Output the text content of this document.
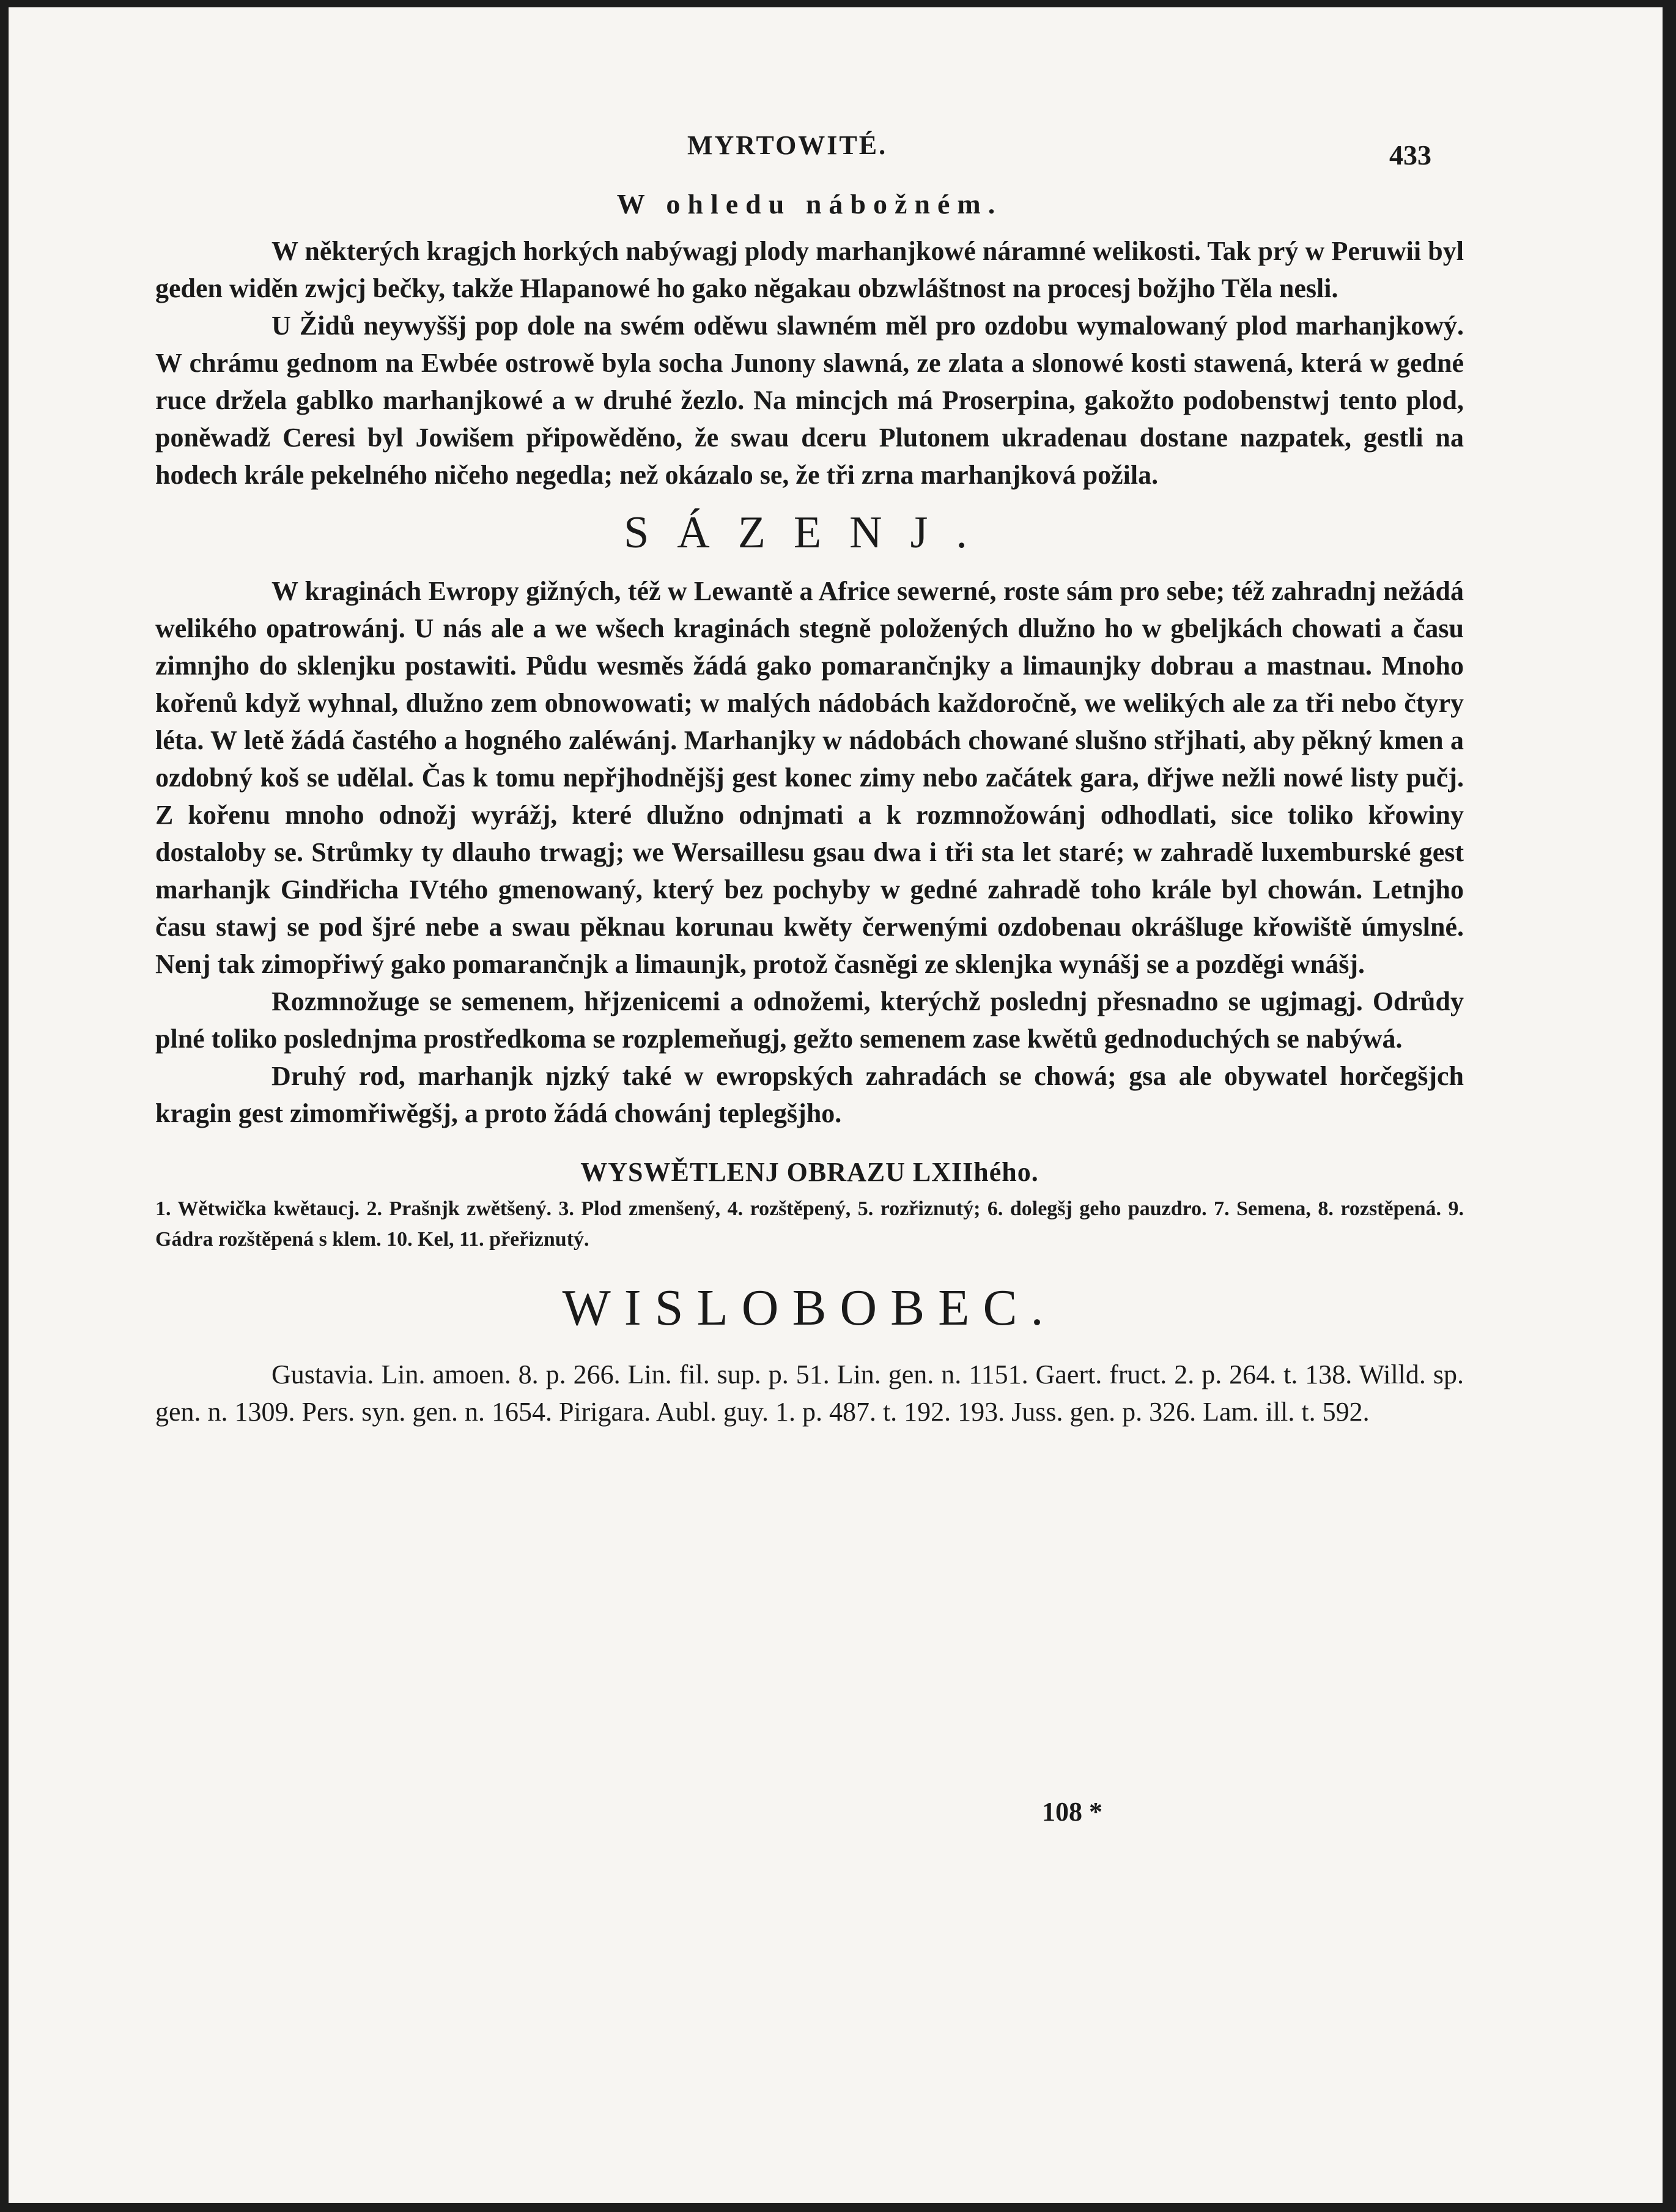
MYRTOWITÉ.	433
W ohledu nábožném.

W některých kragjch horkých nabýwagj plody marhanjkowé náramné welikosti. Tak prý w Peruwii byl geden widěn zwjcj bečky, takže Hlapanowé ho gako nĕgakau obzwláštnost na procesj božjho Těla nesli.

U Židů neywyššj pop dole na swém oděwu slawném měl pro ozdobu wymalowaný plod marhanjkowý. W chrámu gednom na Ewbée ostrowě byla socha Junony slawná, ze zlata a slonowé kosti stawená, která w gedné ruce držela gablko marhanjkowé a w druhé žezlo. Na mincjch má Proserpina, gakožto podobenstwj tento plod, poněwadž Ceresi byl Jowišem připowěděno, že swau dceru Plutonem ukradenau dostane nazpatek, gestli na hodech krále pekelného ničeho negedla; než okázalo se, že tři zrna marhanjková požila.

SÁZENJ.

W kraginách Ewropy gižných, též w Lewantě a Africe sewerné, roste sám pro sebe; též zahradnj nežádá welikého opatrowánj. U nás ale a we wšech kraginách stegně položených dlužno ho w gbeljkách chowati a času zimnjho do sklenjku postawiti. Půdu wesměs žádá gako pomarančnjky a limaunjky dobrau a mastnau. Mnoho kořenů když wyhnal, dlužno zem obnowowati; w malých nádobách každoročně, we welikých ale za tři nebo čtyry léta. W letě žádá častého a hogného zaléwánj. Marhanjky w nádobách chowané slušno střjhati, aby pěkný kmen a ozdobný koš se udělal. Čas k tomu nepřjhodnějšj gest konec zimy nebo začátek gara, dřjwe nežli nowé listy pučj. Z kořenu mnoho odnožj wyrážj, které dlužno odnjmati a k rozmnožowánj odhodlati, sice toliko křowiny dostaloby se. Strůmky ty dlauho trwagj; we Wersaillesu gsau dwa i tři sta let staré; w zahradě luxemburské gest marhanjk Gindřicha IVtého gmenowaný, který bez pochyby w gedné zahradě toho krále byl chowán. Letnjho času stawj se pod šjré nebe a swau pěknau korunau kwěty čerwenými ozdobenau okrášluge křowiště úmyslné. Nenj tak zimopřiwý gako pomarančnjk a limaunjk, protož časněgi ze sklenjka wynášj se a pozděgi wnášj.

Rozmnožuge se semenem, hřjzenicemi a odnožemi, kterýchž poslednj přesnadno se ugjmagj. Odrůdy plné toliko poslednjma prostředkoma se rozplemeňugj, gežto semenem zase kwětů gednoduchých se nabýwá.

Druhý rod, marhanjk njzký také w ewropských zahradách se chowá; gsa ale obywatel horčegšjch kragin gest zimomřiwěgšj, a proto žádá chowánj teplegšjho.

WYSWĚTLENJ OBRAZU LXIIhého.

1. Wětwička kwětaucj. 2. Prašnjk zwětšený. 3. Plod zmenšený, 4. rozštěpený, 5. rozřiznutý; 6. dolegšj geho pauzdro. 7. Semena, 8. rozstěpená. 9. Gádra rozštěpená s klem. 10. Kel, 11. přeřiznutý.

WISLOBOBEC.

Gustavia. Lin. amoen. 8. p. 266. Lin. fil. sup. p. 51. Lin. gen. n. 1151. Gaert. fruct. 2. p. 264. t. 138. Willd. sp. gen. n. 1309. Pers. syn. gen. n. 1654. Pirigara. Aubl. guy. 1. p. 487. t. 192. 193. Juss. gen. p. 326. Lam. ill. t. 592.

108 *
